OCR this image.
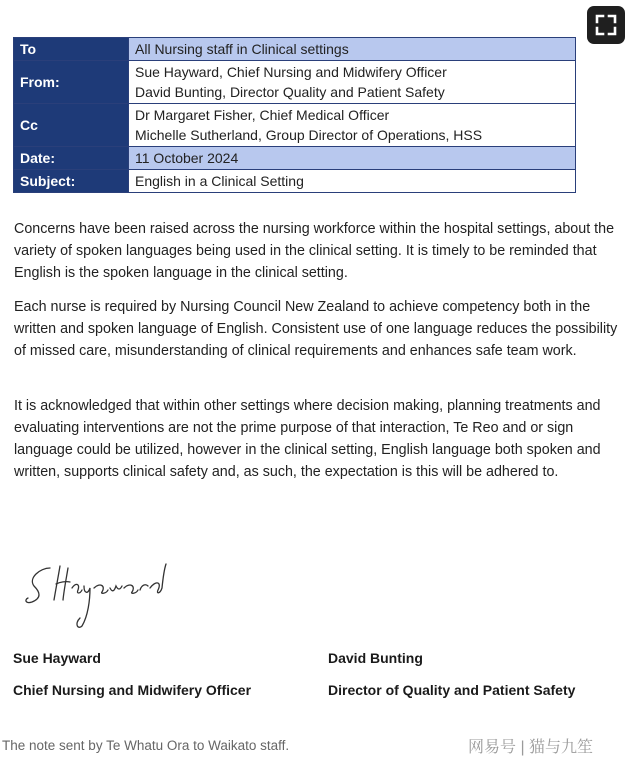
To	All Nursing staff in Clinical settings
From:	Sue Hayward, Chief Nursing and Midwifery Officer
David Bunting, Director Quality and Patient Safety

Cc	Dr Margaret Fisher, Chief Medical Officer
Michelle Sutherland, Group Director of Operations, HSS

Date:	11 October 2024
Subject:	English in a Clinical Setting

Concerns have been raised across the nursing workforce within the hospital settings, about the variety of spoken languages being used in the clinical setting. It is timely to be reminded that English is the spoken language in the clinical setting.

Each nurse is required by Nursing Council New Zealand to achieve competency both in the written and spoken language of English. Consistent use of one language reduces the possibility of missed care, misunderstanding of clinical requirements and enhances safe team work.

It is acknowledged that within other settings where decision making, planning treatments and evaluating interventions are not the prime purpose of that interaction, Te Reo and or sign language could be utilized, however in the clinical setting, English language both spoken and written, supports clinical safety and, as such, the expectation is this will be adhered to.

Sue Hayward

Chief Nursing and Midwifery Officer

David Bunting

Director of Quality and Patient Safety

The note sent by Te Whatu Ora to Waikato staff.	网易号 | 猫与九笙
